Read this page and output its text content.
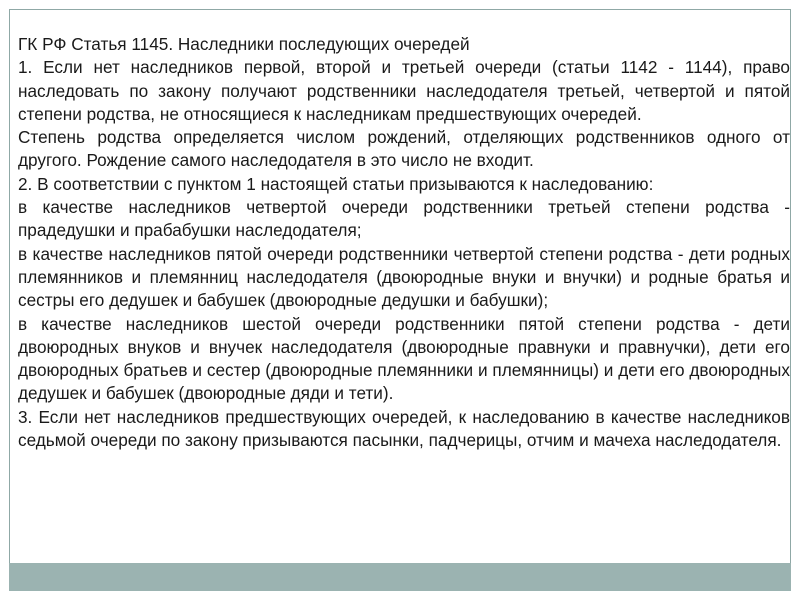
ГК РФ Статья 1145. Наследники последующих очередей

1. Если нет наследников первой, второй и третьей очереди (статьи 1142 - 1144), право наследовать по закону получают родственники наследодателя третьей, четвертой и пятой степени родства, не относящиеся к наследникам предшествующих очередей.

Степень родства определяется числом рождений, отделяющих родственников одного от другого. Рождение самого наследодателя в это число не входит.

2. В соответствии с пунктом 1 настоящей статьи призываются к наследованию:

в качестве наследников четвертой очереди родственники третьей степени родства - прадедушки и прабабушки наследодателя;

в качестве наследников пятой очереди родственники четвертой степени родства - дети родных племянников и племянниц наследодателя (двоюродные внуки и внучки) и родные братья и сестры его дедушек и бабушек (двоюродные дедушки и бабушки);

в качестве наследников шестой очереди родственники пятой степени родства - дети двоюродных внуков и внучек наследодателя (двоюродные правнуки и правнучки), дети его двоюродных братьев и сестер (двоюродные племянники и племянницы) и дети его двоюродных дедушек и бабушек (двоюродные дяди и тети).

3. Если нет наследников предшествующих очередей, к наследованию в качестве наследников седьмой очереди по закону призываются пасынки, падчерицы, отчим и мачеха наследодателя.
